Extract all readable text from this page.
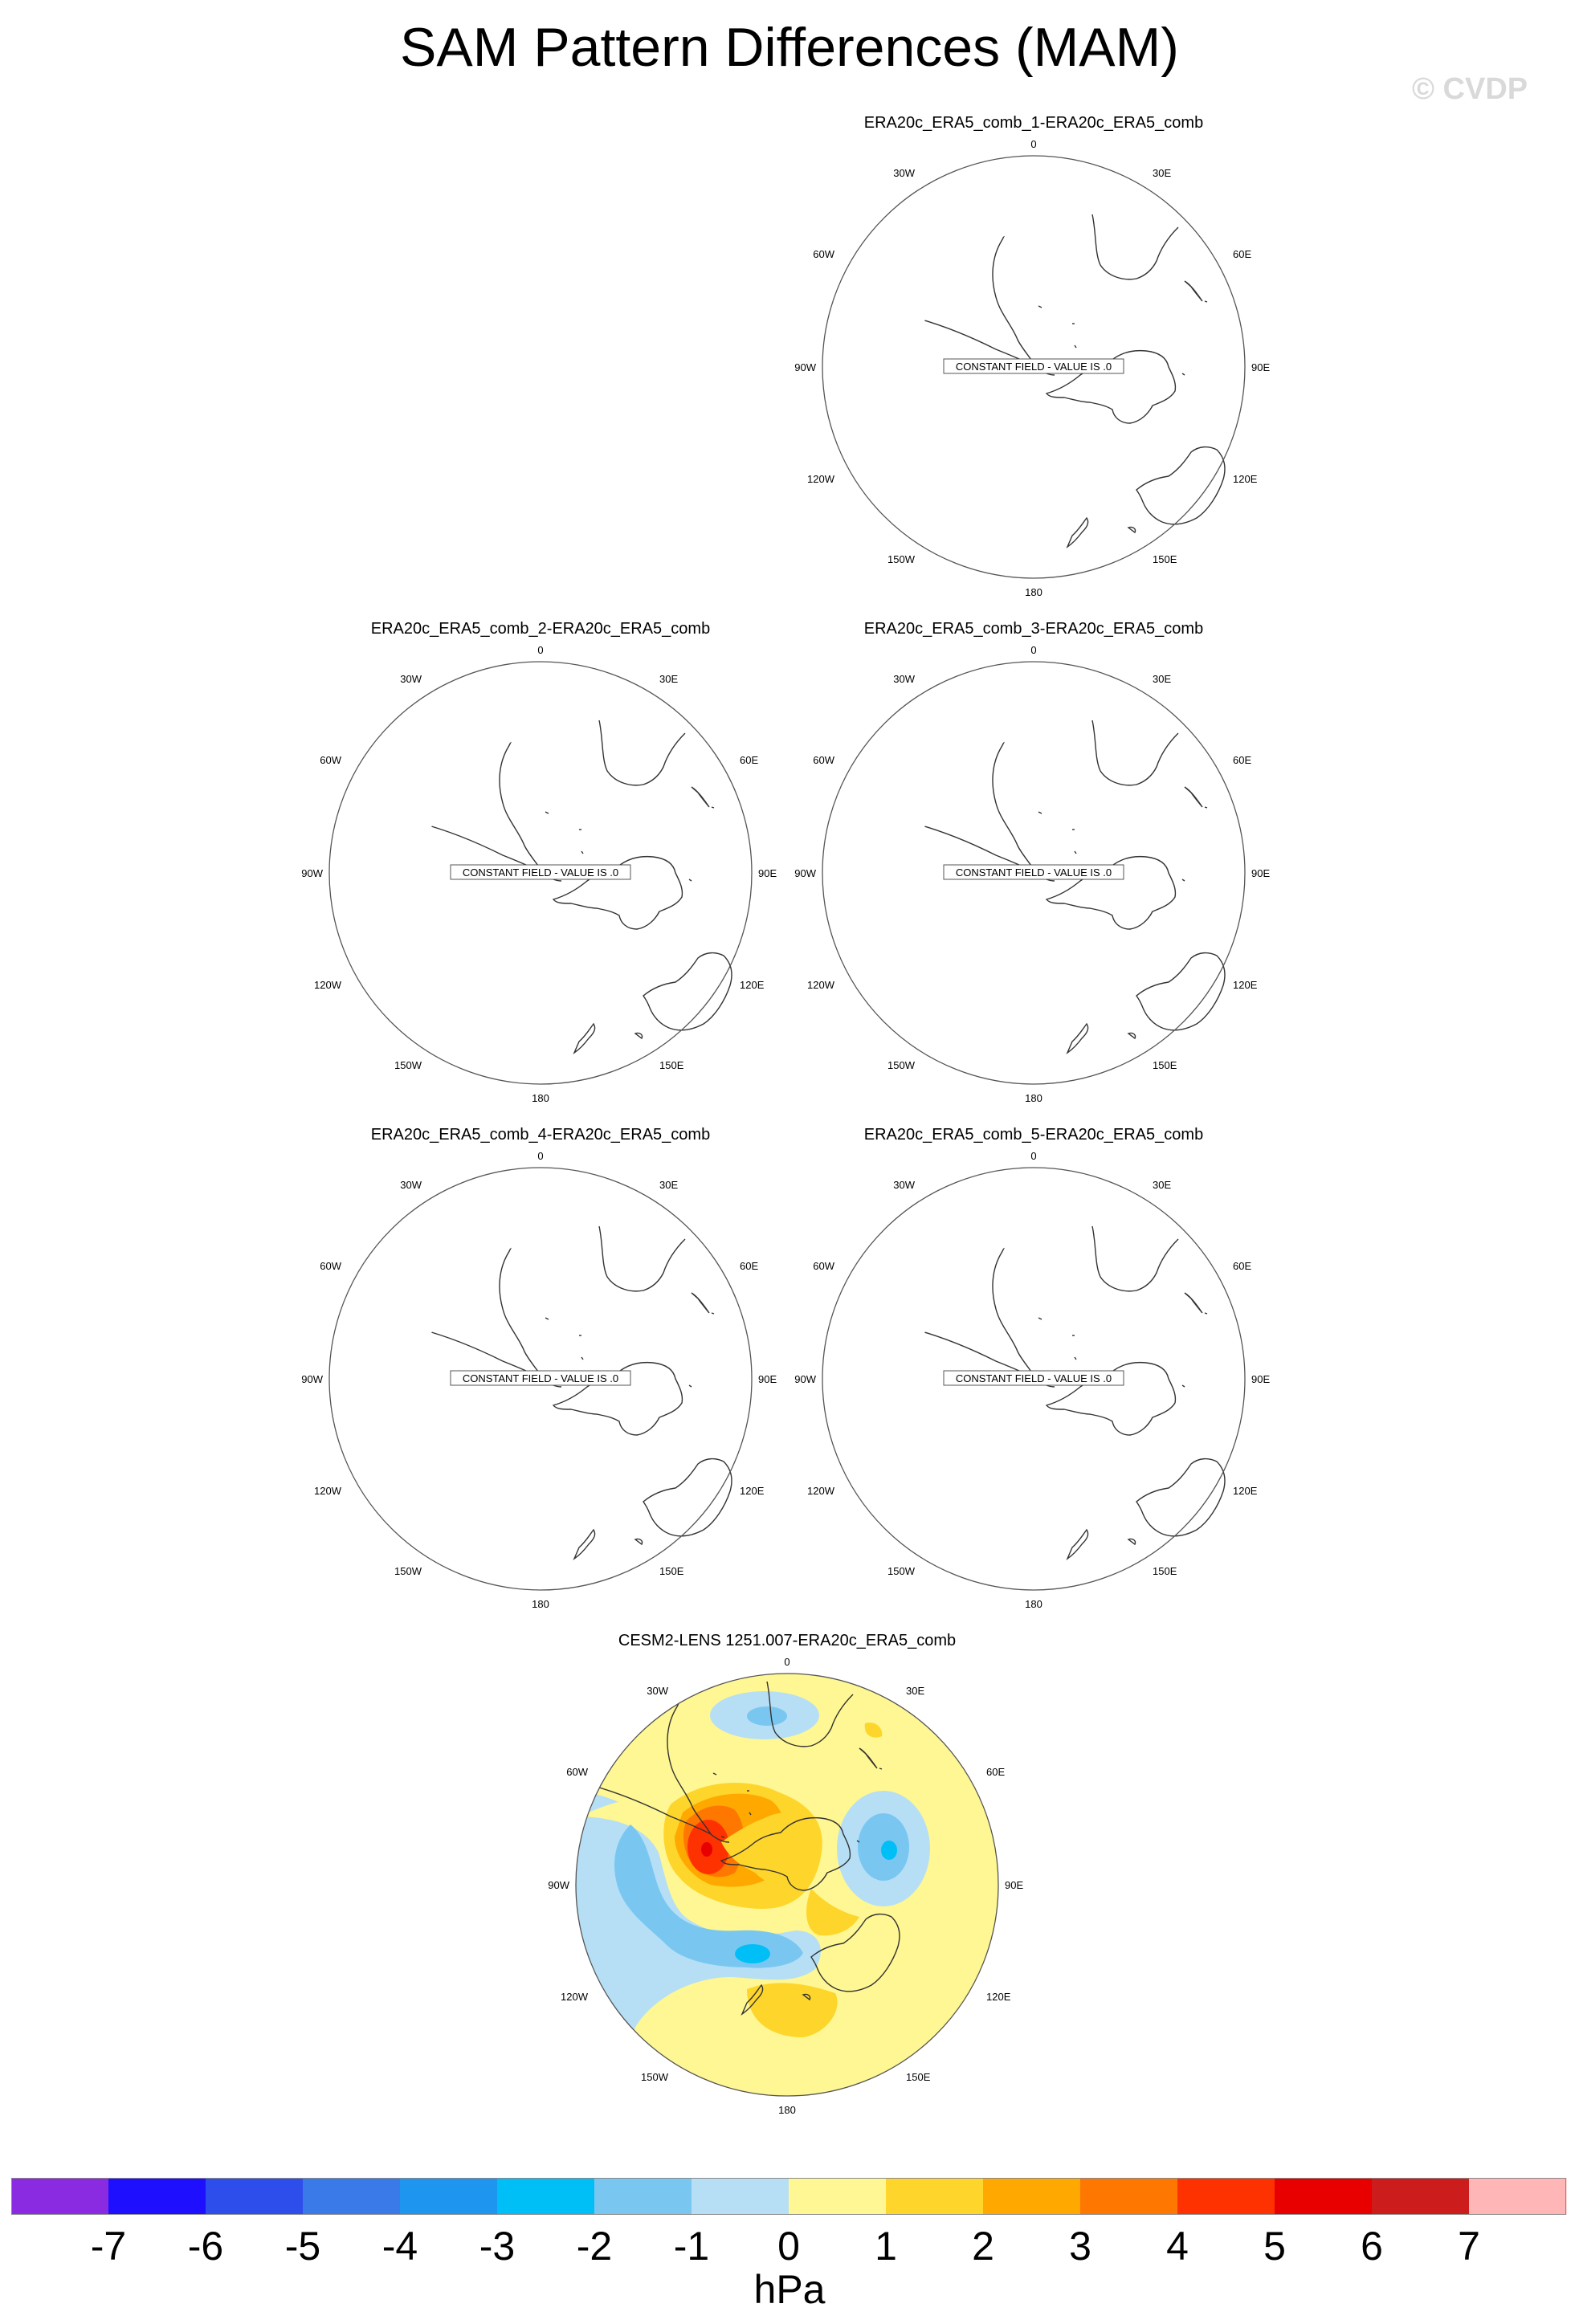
SAM Pattern Differences (MAM)
© CVDP
ERA20c_ERA5_comb_1-ERA20c_ERA5_comb
CONSTANT FIELD - VALUE IS .0
0
180
90W	90E
30W	30E
60W	60E
120W	120E
150W	150E
ERA20c_ERA5_comb_2-ERA20c_ERA5_comb
CONSTANT FIELD - VALUE IS .0
0
180
90W	90E
30W	30E
60W	60E
120W	120E
150W	150E
ERA20c_ERA5_comb_3-ERA20c_ERA5_comb
CONSTANT FIELD - VALUE IS .0
0
180
90W	90E
30W	30E
60W	60E
120W	120E
150W	150E
ERA20c_ERA5_comb_4-ERA20c_ERA5_comb
CONSTANT FIELD - VALUE IS .0
0
180
90W	90E
30W	30E
60W	60E
120W	120E
150W	150E
ERA20c_ERA5_comb_5-ERA20c_ERA5_comb
CONSTANT FIELD - VALUE IS .0
0
180
90W	90E
30W	30E
60W	60E
120W	120E
150W	150E
CESM2-LENS 1251.007-ERA20c_ERA5_comb
0
180
90W	90E
30W	30E
60W	60E
120W	120E
150W	150E
-7	-6	-5	-4	-3	-2	-1	0	1	2	3	4	5	6	7
hPa
